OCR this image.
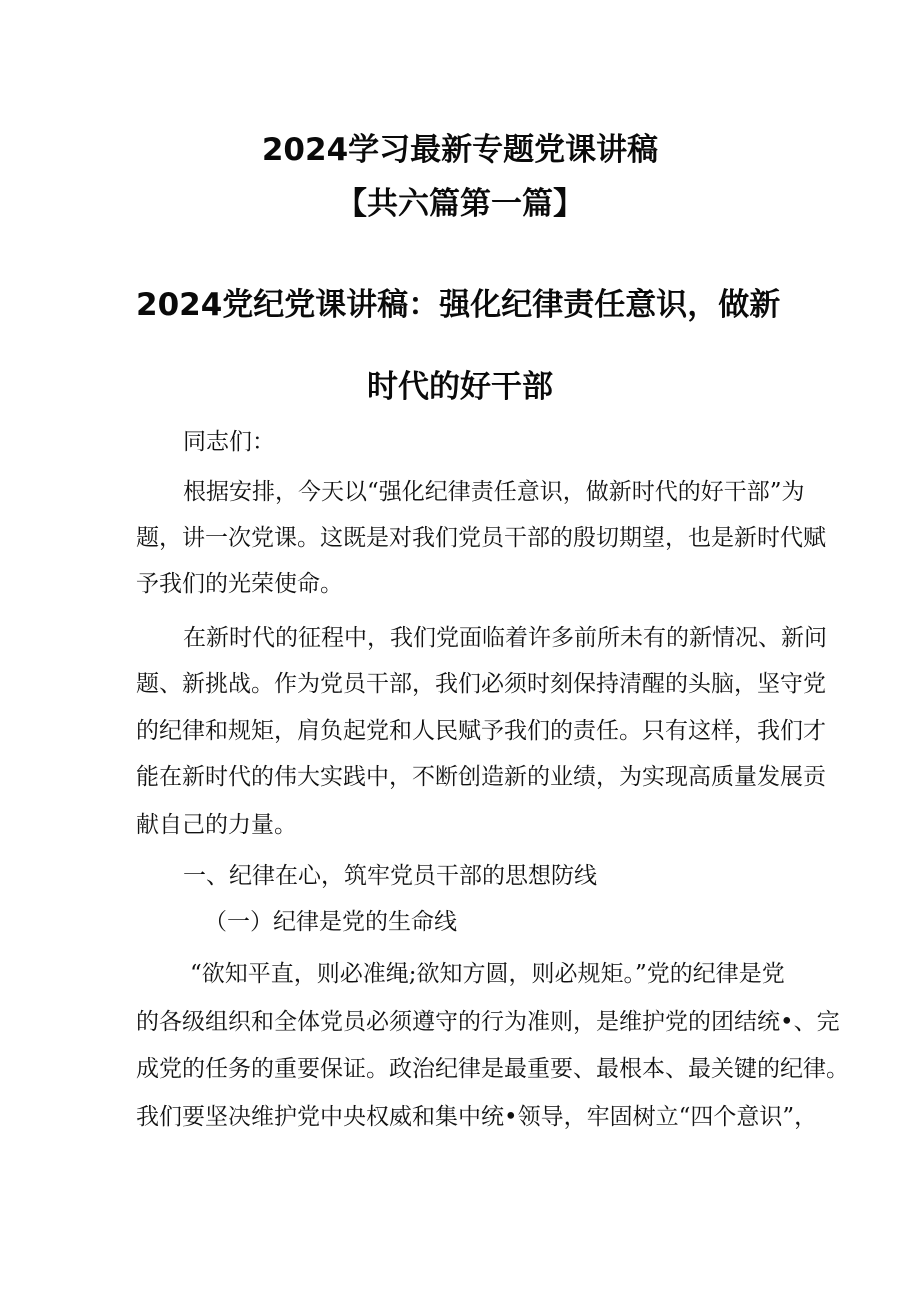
2024学习最新专题党课讲稿
【共六篇第一篇】
2024党纪党课讲稿：强化纪律责任意识，做新
时代的好干部
同志们：
根据安排，今天以“强化纪律责任意识，做新时代的好干部”为
题，讲一次党课。这既是对我们党员干部的殷切期望，也是新时代赋
予我们的光荣使命。
在新时代的征程中，我们党面临着许多前所未有的新情况、新问
题、新挑战。作为党员干部，我们必须时刻保持清醒的头脑，坚守党
的纪律和规矩，肩负起党和人民赋予我们的责任。只有这样，我们才
能在新时代的伟大实践中，不断创造新的业绩，为实现高质量发展贡
献自己的力量。
一、纪律在心，筑牢党员干部的思想防线
（一）纪律是党的生命线
“欲知平直，则必准绳;欲知方圆，则必规矩。”党的纪律是党
的各级组织和全体党员必须遵守的行为准则，是维护党的团结统•、完
成党的任务的重要保证。政治纪律是最重要、最根本、最关键的纪律。
我们要坚决维护党中央权威和集中统•领导，牢固树立“四个意识”，
